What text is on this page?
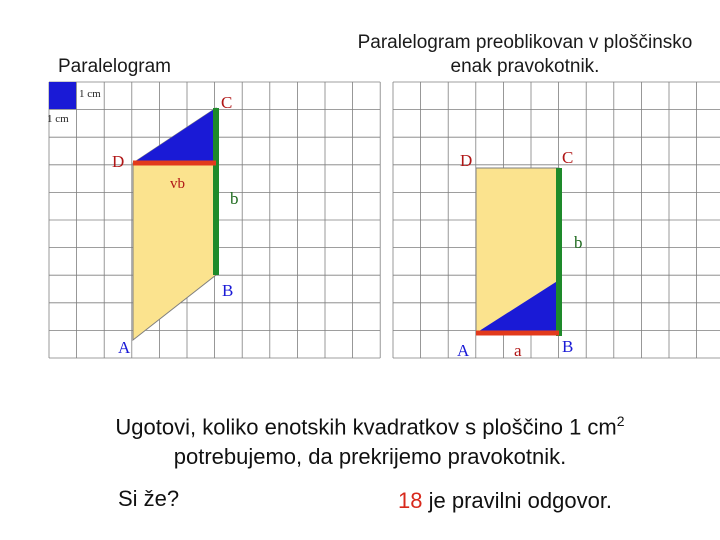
Paralelogram
Paralelogram preoblikovan v ploščinsko enak pravokotnik.
1 cm
1 cm
C
D
B
A
vb
b
D	C
b
A	a B
Ugotovi, koliko enotskih kvadratkov s ploščino 1 $cm^2$
potrebujemo, da prekrijemo pravokotnik.
Si že?	18 je pravilni odgovor.
